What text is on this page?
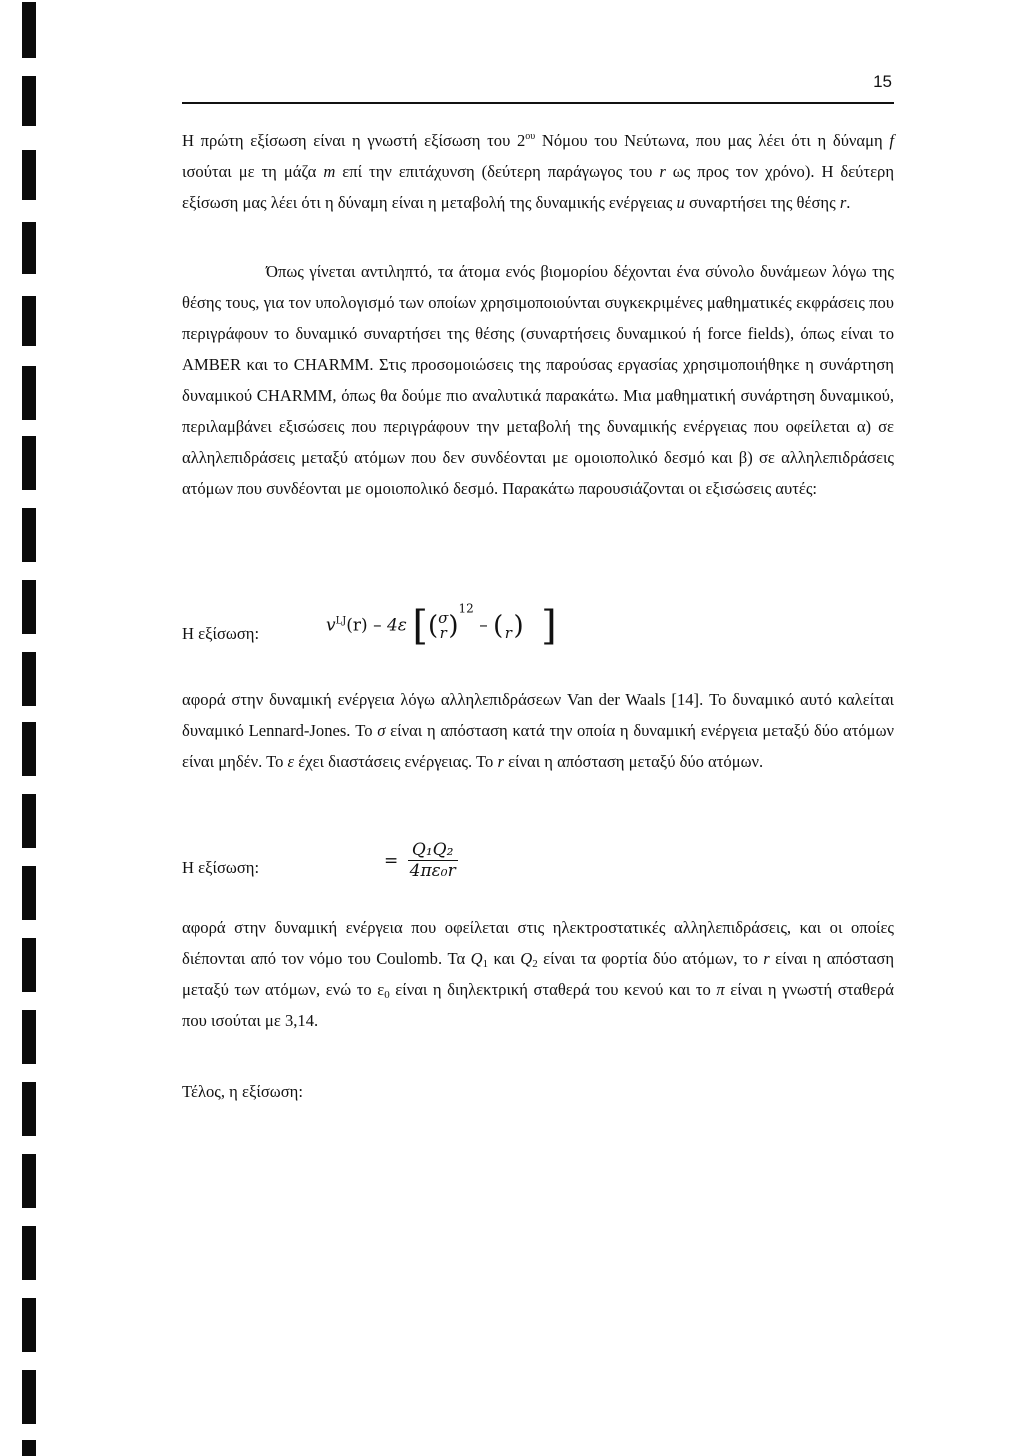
15

Η πρώτη εξίσωση είναι η γνωστή εξίσωση του $2^{o\upsilon}$ Νόμου του Νεύτωνα, που μας λέει ότι η δύναμη f ισούται με τη μάζα m επί την επιτάχυνση (δεύτερη παράγωγος του r ως προς τον χρόνο). Η δεύτερη εξίσωση μας λέει ότι η δύναμη είναι η μεταβολή της δυναμικής ενέργειας u συναρτήσει της θέσης r.

Όπως γίνεται αντιληπτό, τα άτομα ενός βιομορίου δέχονται ένα σύνολο δυνάμεων λόγω της θέσης τους, για τον υπολογισμό των οποίων χρησιμοποιούνται συγκεκριμένες μαθηματικές εκφράσεις που περιγράφουν το δυναμικό συναρτήσει της θέσης (συναρτήσεις δυναμικού ή force fields), όπως είναι το AMBER και το CHARMM. Στις προσομοιώσεις της παρούσας εργασίας χρησιμοποιήθηκε η συνάρτηση δυναμικού CHARMM, όπως θα δούμε πιο αναλυτικά παρακάτω. Μια μαθηματική συνάρτηση δυναμικού, περιλαμβάνει εξισώσεις που περιγράφουν την μεταβολή της δυναμικής ενέργειας που οφείλεται α) σε αλληλεπιδράσεις μεταξύ ατόμων που δεν συνδέονται με ομοιοπολικό δεσμό και β) σε αλληλεπιδράσεις ατόμων που συνδέονται με ομοιοπολικό δεσμό. Παρακάτω παρουσιάζονται οι εξισώσεις αυτές:

Η εξίσωση:	$v^{LJ}(r) - 4\varepsilon$ [( σ
r )$^{12}$ – ( r ) ]

αφορά στην δυναμική ενέργεια λόγω αλληλεπιδράσεων Van der Waals [14]. Το δυναμικό αυτό καλείται δυναμικό Lennard-Jones. Το σ είναι η απόσταση κατά την οποία η δυναμική ενέργεια μεταξύ δύο ατόμων είναι μηδέν. Το ε έχει διαστάσεις ενέργειας. Το r είναι η απόσταση μεταξύ δύο ατόμων.

Η εξίσωση:	= $\frac{\text{Q₁Q₂}}{\text{4πε₀r}}$

αφορά στην δυναμική ενέργεια που οφείλεται στις ηλεκτροστατικές αλληλεπιδράσεις, και οι οποίες διέπονται από τον νόμο του Coulomb. Τα $Q_1$ και $Q_2$ είναι τα φορτία δύο ατόμων, το r είναι η απόσταση μεταξύ των ατόμων, ενώ το $\varepsilon_0$ είναι η διηλεκτρική σταθερά του κενού και το π είναι η γνωστή σταθερά που ισούται με 3,14.

Τέλος, η εξίσωση:
